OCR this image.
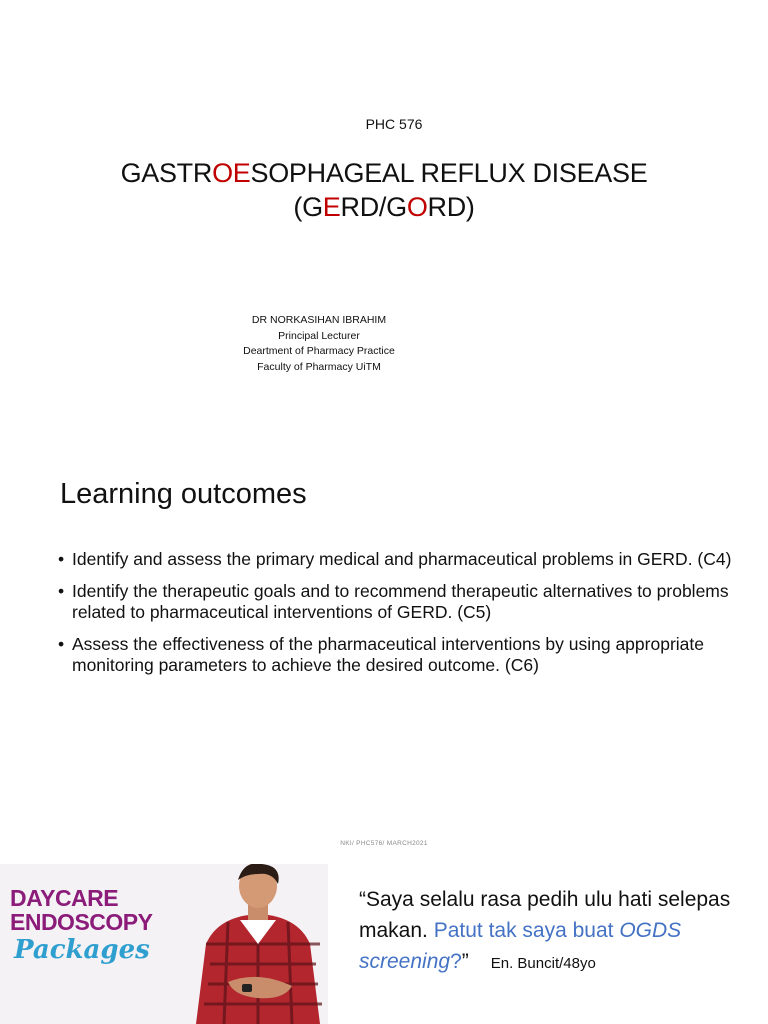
PHC 576
GASTROESOPHAGEAL REFLUX DISEASE
(GERD/GORD)
DR NORKASIHAN IBRAHIM
Principal Lecturer
Deartment of Pharmacy Practice
Faculty of Pharmacy UiTM
Learning outcomes
• Identify and assess the primary medical and pharmaceutical problems in GERD. (C4)
• Identify the therapeutic goals and to recommend therapeutic alternatives to problems related to pharmaceutical interventions of GERD. (C5)
• Assess the effectiveness of the pharmaceutical interventions by using appropriate monitoring parameters to achieve the desired outcome. (C6)
NKI/ PHC576/ MARCH2021
DAYCARE
ENDOSCOPY
Packages
“Saya selalu rasa pedih ulu hati selepas makan. Patut tak saya buat OGDS screening?” En. Buncit/48yo
